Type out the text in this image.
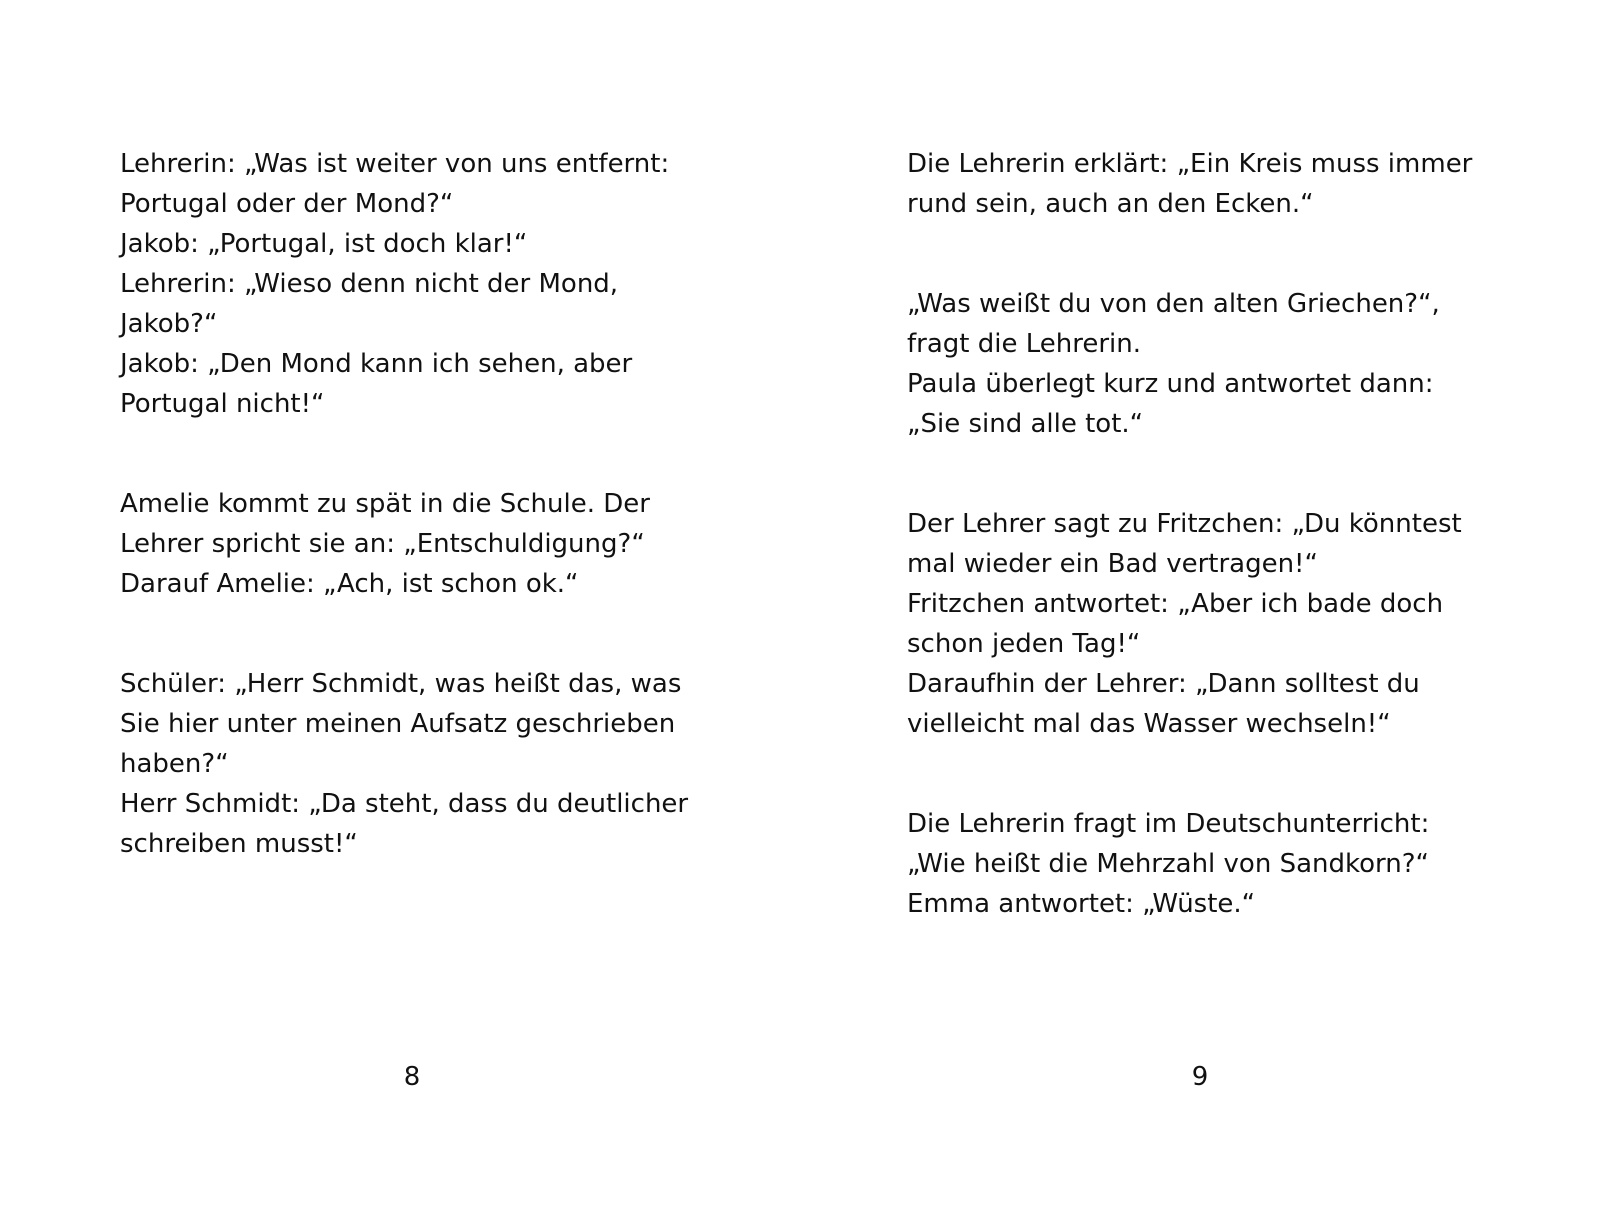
Lehrerin: „Was ist weiter von uns entfernt:
Portugal oder der Mond?“
Jakob: „Portugal, ist doch klar!“
Lehrerin: „Wieso denn nicht der Mond,
Jakob?“
Jakob: „Den Mond kann ich sehen, aber
Portugal nicht!“
Amelie kommt zu spät in die Schule. Der
Lehrer spricht sie an: „Entschuldigung?“
Darauf Amelie: „Ach, ist schon ok.“
Schüler: „Herr Schmidt, was heißt das, was
Sie hier unter meinen Aufsatz geschrieben
haben?“
Herr Schmidt: „Da steht, dass du deutlicher
schreiben musst!“
8
Die Lehrerin erklärt: „Ein Kreis muss immer
rund sein, auch an den Ecken.“
„Was weißt du von den alten Griechen?“,
fragt die Lehrerin.
Paula überlegt kurz und antwortet dann:
„Sie sind alle tot.“
Der Lehrer sagt zu Fritzchen: „Du könntest
mal wieder ein Bad vertragen!“
Fritzchen antwortet: „Aber ich bade doch
schon jeden Tag!“
Daraufhin der Lehrer: „Dann solltest du
vielleicht mal das Wasser wechseln!“
Die Lehrerin fragt im Deutschunterricht:
„Wie heißt die Mehrzahl von Sandkorn?“
Emma antwortet: „Wüste.“
9
